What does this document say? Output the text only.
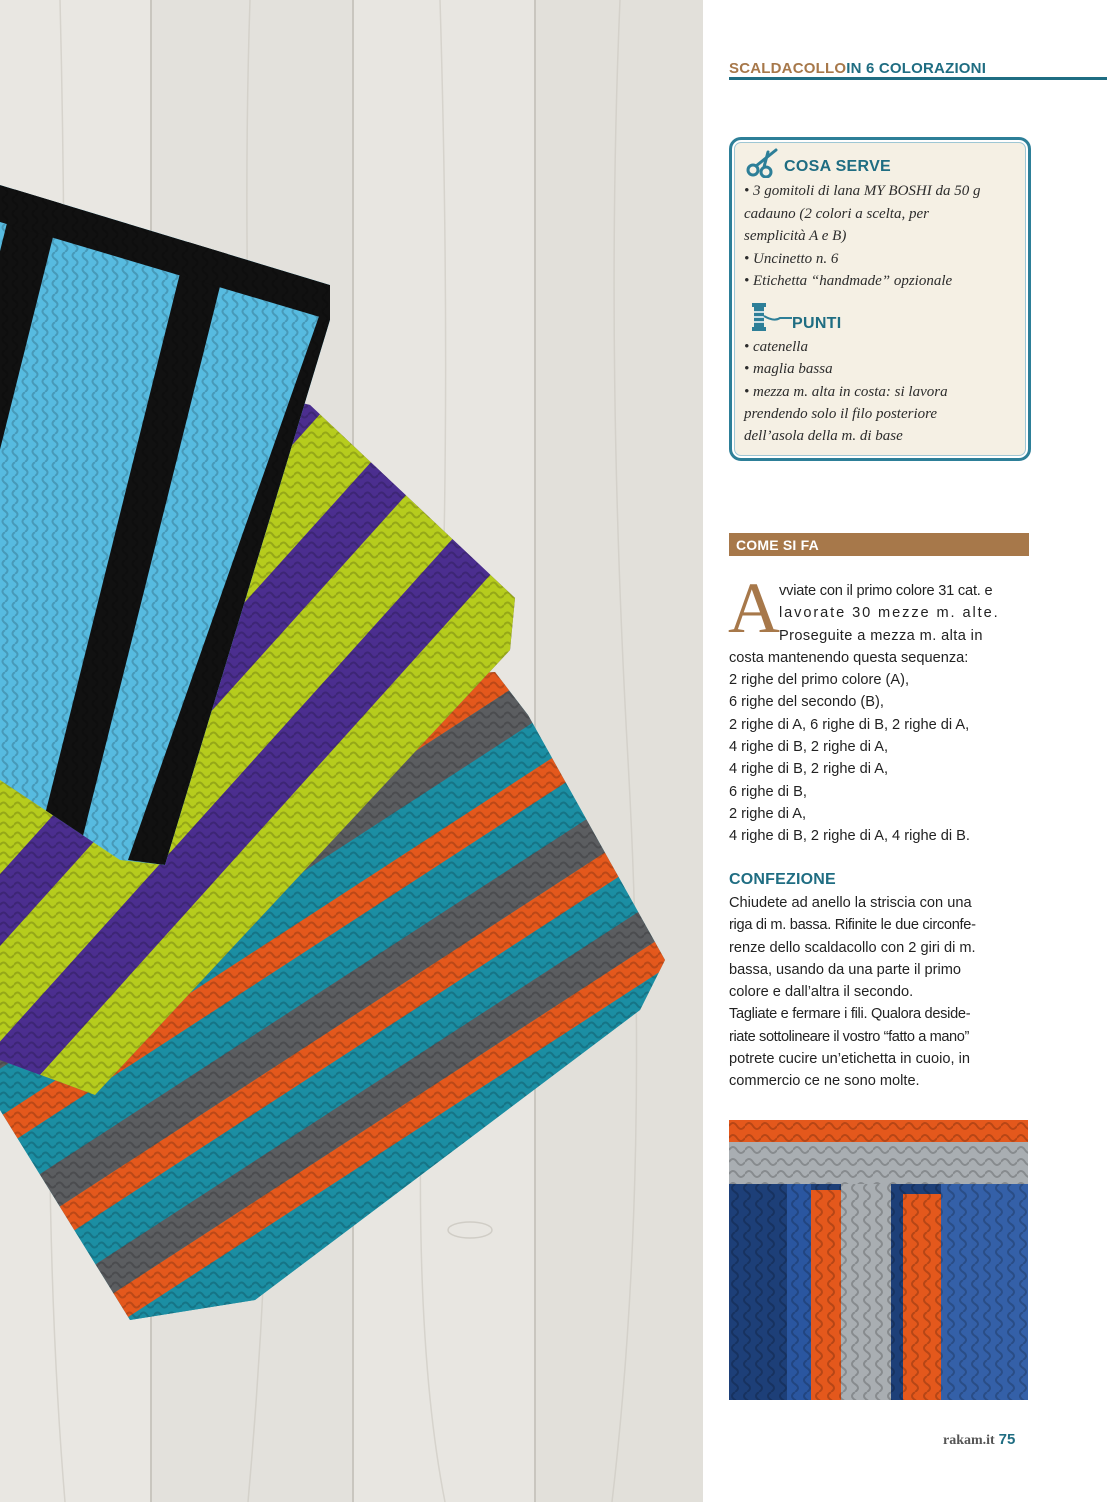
SCALDACOLLOIN 6 COLORAZIONI
COSA SERVE
• 3 gomitoli di lana MY BOSHI da 50 g
cadauno (2 colori a scelta, per
semplicità A e B)
• Uncinetto n. 6
• Etichetta “handmade” opzionale
PUNTI
• catenella
• maglia bassa
• mezza m. alta in costa: si lavora
prendendo solo il filo posteriore
dell’asola della m. di base
COME SI FA
A vviate con il primo colore 31 cat. e
lavorate 30 mezze m. alte.
Proseguite a mezza m. alta in
costa mantenendo questa sequenza:
2 righe del primo colore (A),
6 righe del secondo (B),
2 righe di A, 6 righe di B, 2 righe di A,
4 righe di B, 2 righe di A,
4 righe di B, 2 righe di A,
6 righe di B,
2 righe di A,
4 righe di B, 2 righe di A, 4 righe di B.
CONFEZIONE
Chiudete ad anello la striscia con una
riga di m. bassa. Rifinite le due circonfe-
renze dello scaldacollo con 2 giri di m.
bassa, usando da una parte il primo
colore e dall’altra il secondo.
Tagliate e fermare i fili. Qualora deside-
riate sottolineare il vostro “fatto a mano”
potrete cucire un’etichetta in cuoio, in
commercio ce ne sono molte.
rakam.it 75
